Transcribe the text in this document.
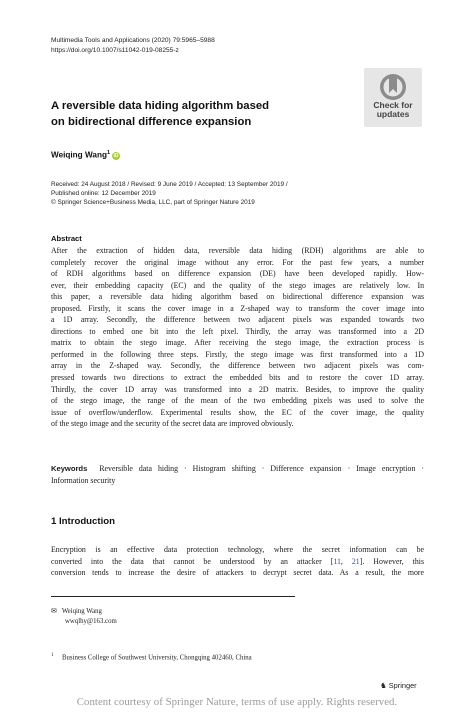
Multimedia Tools and Applications (2020) 79:5965–5988
https://doi.org/10.1007/s11042-019-08255-z
Check for
updates
A reversible data hiding algorithm based
on bidirectional difference expansion
Weiqing Wang$^1$ iD
Received: 24 August 2018 / Revised: 9 June 2019 / Accepted: 13 September 2019 /
Published online: 12 December 2019
© Springer Science+Business Media, LLC, part of Springer Nature 2019
Abstract
After the extraction of hidden data, reversible data hiding (RDH) algorithms are able to
completely recover the original image without any error. For the past few years, a number
of RDH algorithms based on difference expansion (DE) have been developed rapidly. How-
ever, their embedding capacity (EC) and the quality of the stego images are relatively low. In
this paper, a reversible data hiding algorithm based on bidirectional difference expansion was
proposed. Firstly, it scans the cover image in a Z-shaped way to transform the cover image into
a 1D array. Secondly, the difference between two adjacent pixels was expanded towards two
directions to embed one bit into the left pixel. Thirdly, the array was transformed into a 2D
matrix to obtain the stego image. After receiving the stego image, the extraction process is
performed in the following three steps. Firstly, the stego image was first transformed into a 1D
array in the Z-shaped way. Secondly, the difference between two adjacent pixels was com-
pressed towards two directions to extract the embedded bits and to restore the cover 1D array.
Thirdly, the cover 1D array was transformed into a 2D matrix. Besides, to improve the quality
of the stego image, the range of the mean of the two embedding pixels was used to solve the
issue of overflow/underflow. Experimental results show, the EC of the cover image, the quality
of the stego image and the security of the secret data are improved obviously.
Keywords Reversible data hiding · Histogram shifting · Difference expansion · Image encryption ·
Information security
1 Introduction
Encryption is an effective data protection technology, where the secret information can be
converted into the data that cannot be understood by an attacker [11, 21]. However, this
conversion tends to increase the desire of attackers to decrypt secret data. As a result, the more
✉ Weiqing Wang
wwqlhy@163.com
$^1$ Business College of Southwest University, Chongqing 402460, China
♞ Springer
Content courtesy of Springer Nature, terms of use apply. Rights reserved.
